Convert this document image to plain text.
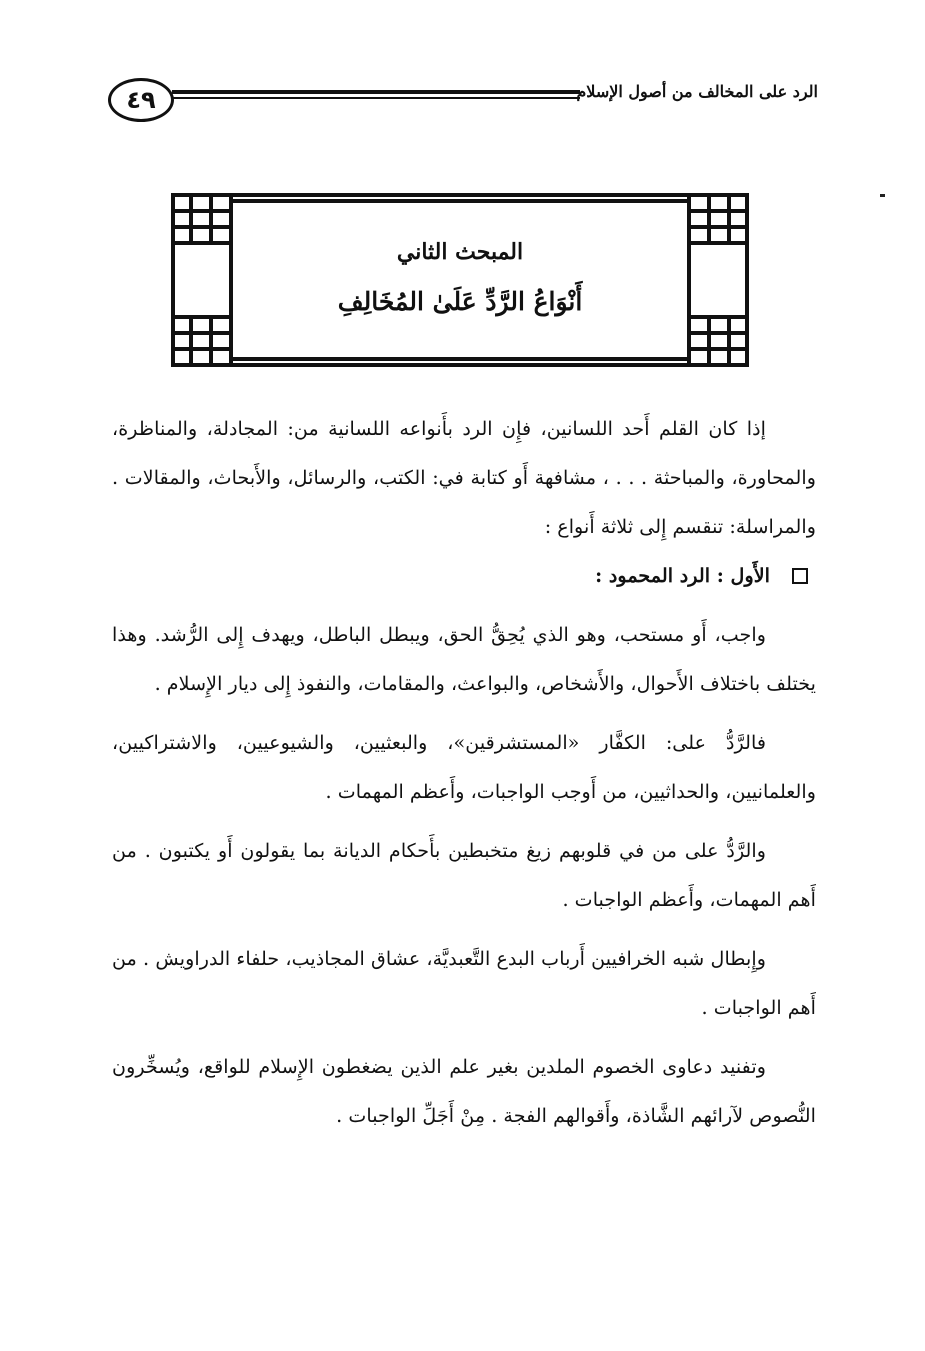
٤٩	الرد على المخالف من أصول الإسلام
المبحث الثاني
أَنْوَاعُ الرَّدِّ عَلَىٰ المُخَالِفِ

إذا كان القلم أَحد اللسانين، فإِن الرد بأَنواعه اللسانية من: المجادلة، والمناظرة، والمحاورة، والمباحثة . . . ، مشافهة أَو كتابة في: الكتب، والرسائل، والأَبحاث، والمقالات . والمراسلة: تنقسم إِلى ثلاثة أَنواع :

الأَول : الرد المحمود :

واجب، أَو مستحب، وهو الذي يُحِقُّ الحق، ويبطل الباطل، ويهدف إِلى الرُّشد. وهذا يختلف باختلاف الأَحوال، والأَشخاص، والبواعث، والمقامات، والنفوذ إِلى ديار الإِسلام .

فالرَّدُّ على: الكفَّار «المستشرقين»، والبعثيين، والشيوعيين، والاشتراكيين، والعلمانيين، والحداثيين، من أَوجب الواجبات، وأَعظم المهمات .

والرَّدُّ على من في قلوبهم زيغ متخبطين بأَحكام الديانة بما يقولون أَو يكتبون . من أَهم المهمات، وأَعظم الواجبات .

وإِبطال شبه الخرافيين أَرباب البدع التَّعبديَّة، عشاق المجاذيب، حلفاء الدراويش . من أَهم الواجبات .

وتفنيد دعاوى الخصوم الملدين بغير علم الذين يضغطون الإِسلام للواقع، ويُسخِّرون النُّصوص لآرائهم الشَّاذة، وأَقوالهم الفجة . مِنْ أَجَلِّ الواجبات .
